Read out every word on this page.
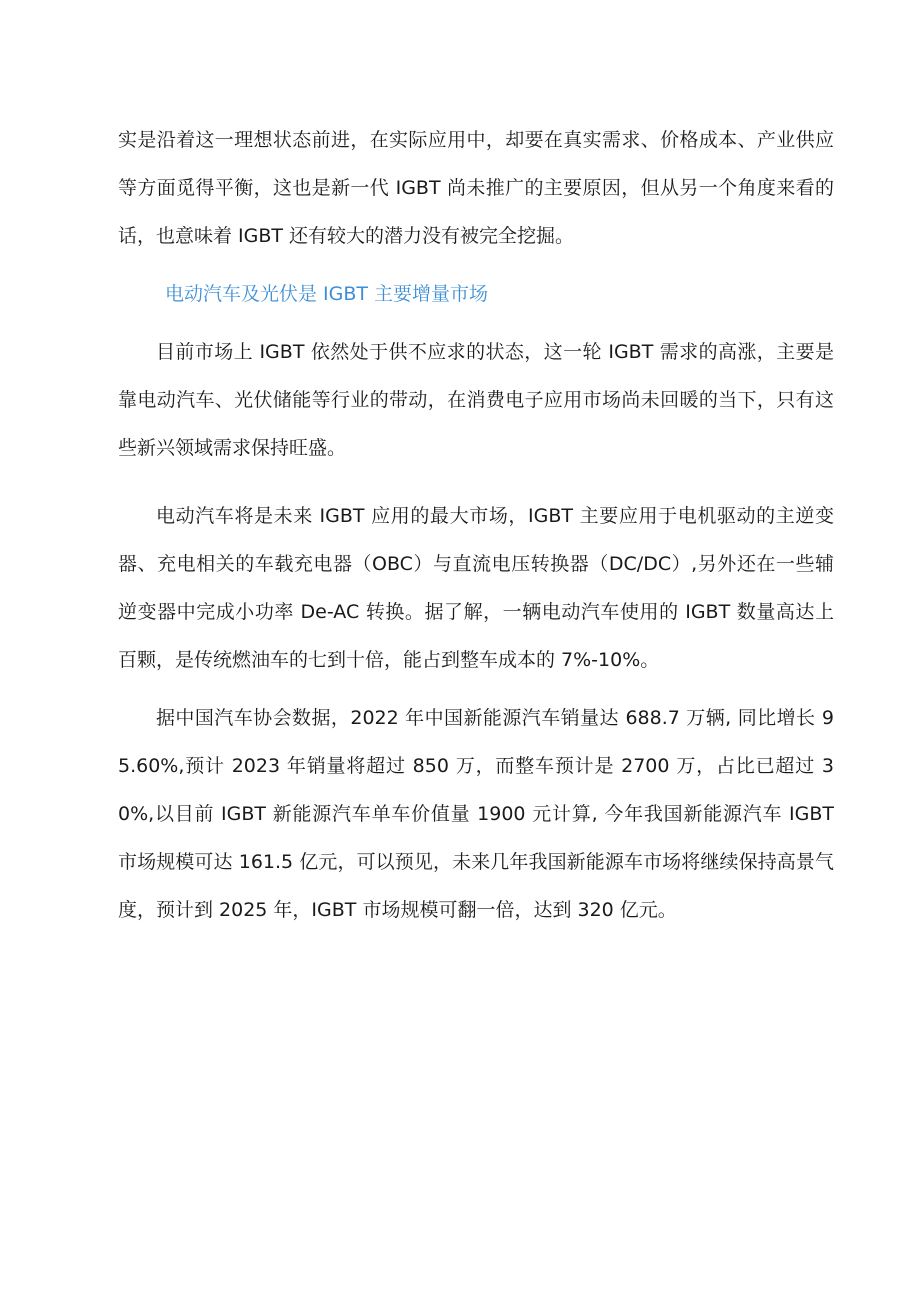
实是沿着这一理想状态前进，在实际应用中，却要在真实需求、价格成本、产业供应等方面觅得平衡，这也是新一代 IGBT 尚未推广的主要原因，但从另一个角度来看的话，也意味着 IGBT 还有较大的潜力没有被完全挖掘。

电动汽车及光伏是 IGBT 主要增量市场

目前市场上 IGBT 依然处于供不应求的状态，这一轮 IGBT 需求的高涨，主要是靠电动汽车、光伏储能等行业的带动，在消费电子应用市场尚未回暖的当下，只有这些新兴领域需求保持旺盛。

电动汽车将是未来 IGBT 应用的最大市场，IGBT 主要应用于电机驱动的主逆变器、充电相关的车载充电器（OBC）与直流电压转换器（DC/DC）,另外还在一些辅逆变器中完成小功率 De-AC 转换。据了解，一辆电动汽车使用的 IGBT 数量高达上百颗，是传统燃油车的七到十倍，能占到整车成本的 7%-10%。

据中国汽车协会数据，2022 年中国新能源汽车销量达 688.7 万辆, 同比增长 95.60%,预计 2023 年销量将超过 850 万，而整车预计是 2700 万，占比已超过 30%,以目前 IGBT 新能源汽车单车价值量 1900 元计算, 今年我国新能源汽车 IGBT 市场规模可达 161.5 亿元，可以预见，未来几年我国新能源车市场将继续保持高景气度，预计到 2025 年，IGBT 市场规模可翻一倍，达到 320 亿元。
